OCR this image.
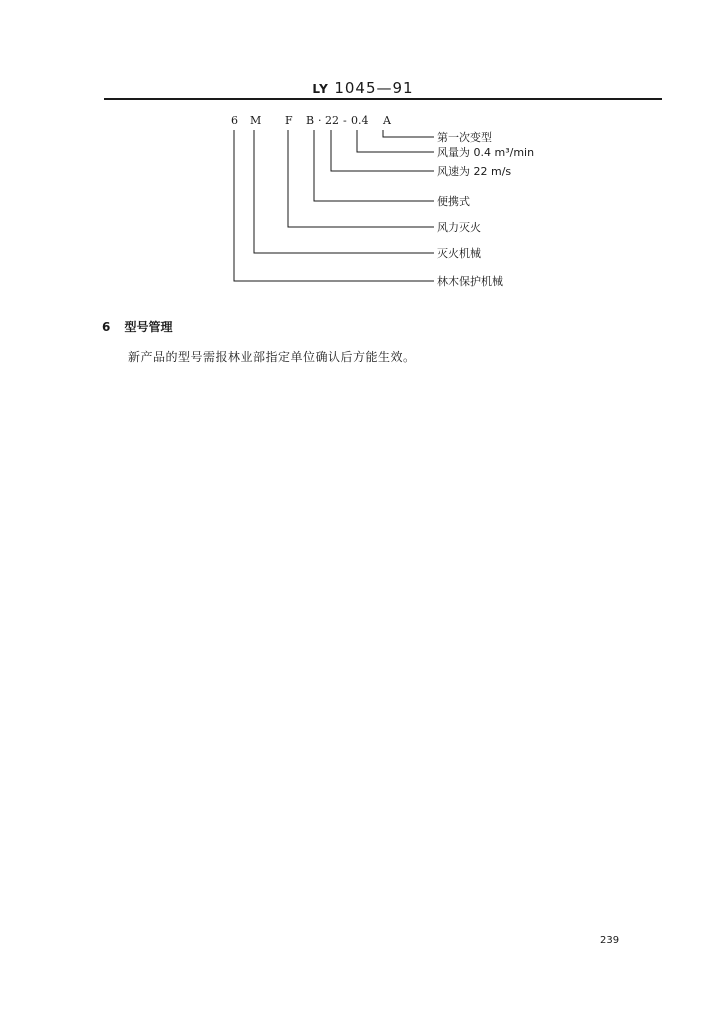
LY 1045—91
6 M F B · 22 - 0.4 A
第一次变型
风量为 0.4 m³/min
风速为 22 m/s
便携式
风力灭火
灭火机械
林木保护机械
6 型号管理
新产品的型号需报林业部指定单位确认后方能生效。
239
